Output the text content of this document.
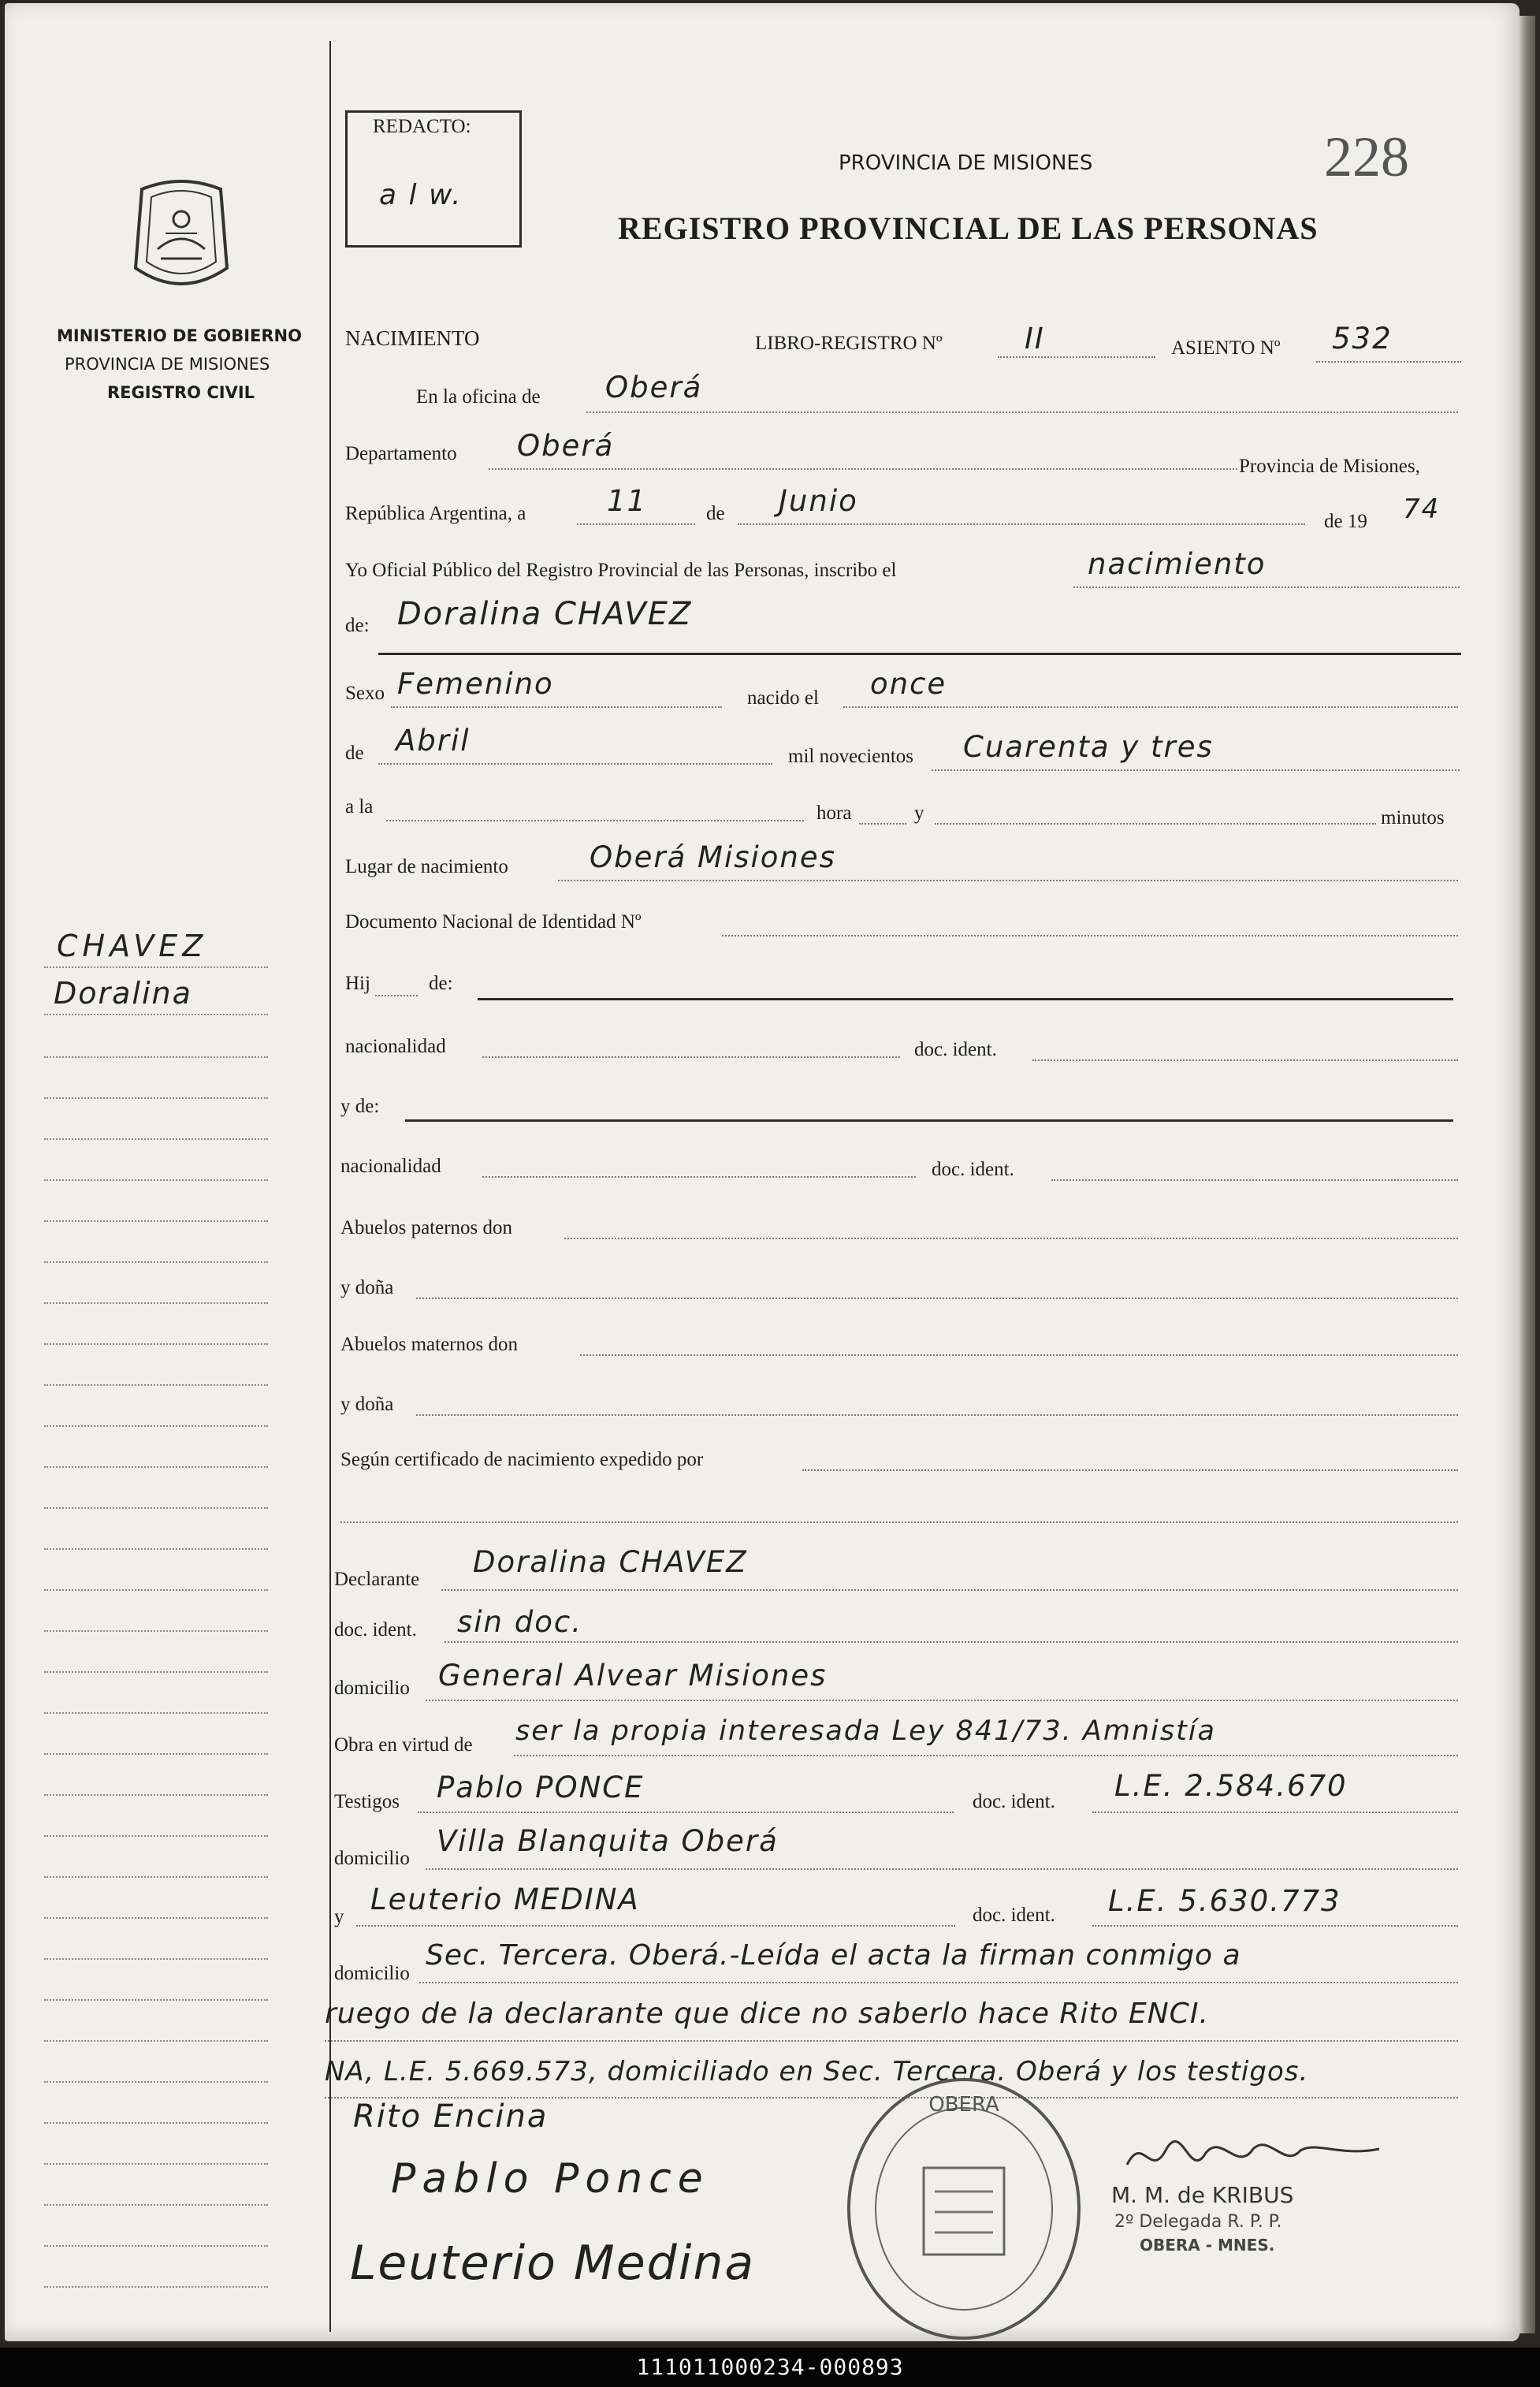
MINISTERIO DE GOBIERNO
PROVINCIA DE MISIONES
REGISTRO CIVIL
CHAVEZ
Doralina
REDACTO:
a l w.
PROVINCIA DE MISIONES	228
REGISTRO PROVINCIAL DE LAS PERSONAS
NACIMIENTO	LIBRO-REGISTRO Nº	II	ASIENTO Nº 532
En la oficina de Oberá
Departamento Oberá
Provincia de Misiones,
República Argentina, a	11	de Junio
de 19 74
Yo Oficial Público del Registro Provincial de las Personas, inscribo el	nacimiento
de: Doralina CHAVEZ
Sexo Femenino	nacido el once
de Abril	mil novecientos Cuarenta y tres
a la	hora	y	minutos
Lugar de nacimiento	Oberá Misiones
Documento Nacional de Identidad Nº
Hij	de:
nacionalidad	doc. ident.
y de:
nacionalidad	doc. ident.
Abuelos paternos don
y doña
Abuelos maternos don
y doña
Según certificado de nacimiento expedido por
Declarante
Doralina CHAVEZ
doc. ident. sin doc.
domicilio General Alvear Misiones
Obra en virtud de ser la propia interesada Ley 841/73. Amnistía
Testigos Pablo PONCE	doc. ident. L.E. 2.584.670
domicilio
Villa Blanquita Oberá
y
Leuterio MEDINA	doc. ident. L.E. 5.630.773
domicilio
Sec. Tercera. Oberá.-Leída el acta la firman conmigo a
ruego de la declarante que dice no saberlo hace Rito ENCI.
NA, L.E. 5.669.573, domiciliado en Sec. Tercera. Oberá y los testigos.
Rito Encina
Pablo Ponce
Leuterio Medina
OBERA
M. M. de KRIBUS
2º Delegada R. P. P.
OBERA - MNES.
111011000234-000893
